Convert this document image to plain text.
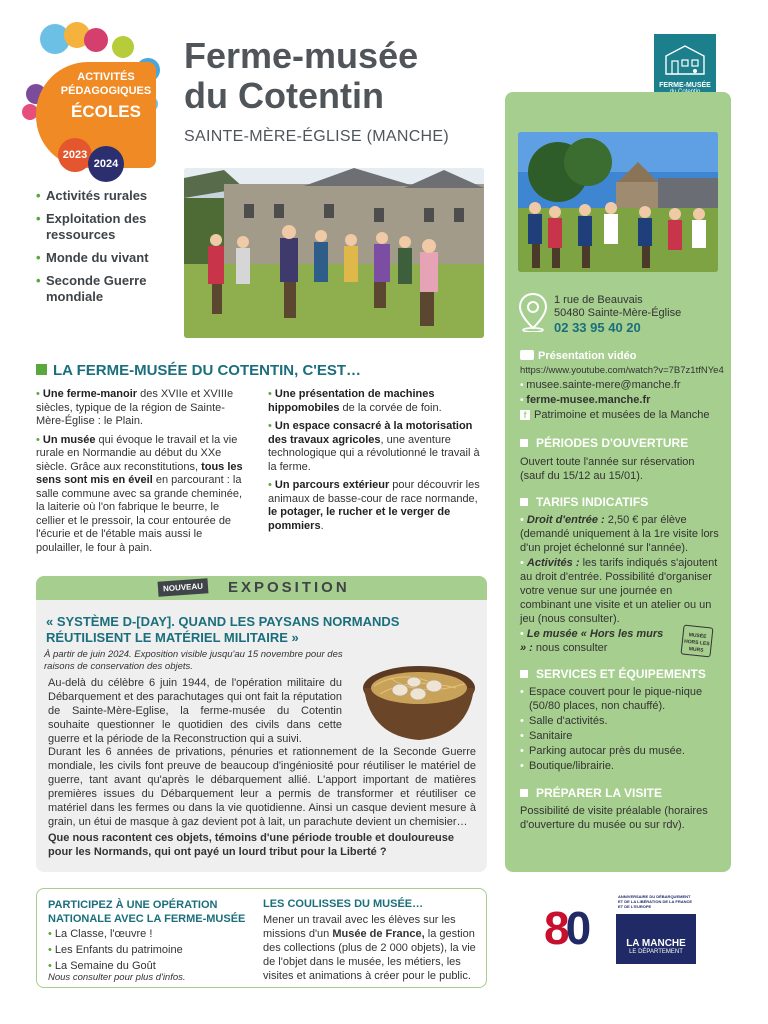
ACTIVITÉS
PÉDAGOGIQUES
ÉCOLES
2023
2024
Ferme-musée
du Cotentin
SAINTE-MÈRE-ÉGLISE (MANCHE)
FERME-MUSÉE
• Activités rurales
• Exploitation des ressources
• Monde du vivant
• Seconde Guerre mondiale	1 rue de Beauvais
50480 Sainte-Mère-Église
02 33 95 40 20
Présentation vidéo
https://www.youtube.com/watch?v=7B7z1tfNYe4
• musee.sainte-mere@manche.fr
• ferme-musee.manche.fr
f Patrimoine et musées de la Manche
PÉRIODES D'OUVERTURE
Ouvert toute l'année sur réservation (sauf du 15/12 au 15/01).
TARIFS INDICATIFS
• Droit d'entrée : 2,50 € par élève (demandé uniquement à la 1re visite lors d'un projet échelonné sur l'année).
• Activités : les tarifs indiqués s'ajoutent au droit d'entrée. Possibilité d'organiser votre venue sur une journée en combinant une visite et un atelier ou un jeu (nous consulter).
• Le musée « Hors les murs » : nous consulter
MUSÉE HORS LES MURS
SERVICES ET ÉQUIPEMENTS
• Espace couvert pour le pique-nique (50/80 places, non chauffé).
• Salle d'activités.
• Sanitaire
• Parking autocar près du musée.
• Boutique/librairie.
PRÉPARER LA VISITE
Possibilité de visite préalable (horaires d'ouverture du musée ou sur rdv).
LA FERME-MUSÉE DU COTENTIN, C'EST…
• Une ferme-manoir des XVIIe et XVIIIe siècles, typique de la région de Sainte-Mère-Église : le Plain.
• Un musée qui évoque le travail et la vie rurale en Normandie au début du XXe siècle. Grâce aux reconstitutions, tous les sens sont mis en éveil en parcourant : la salle commune avec sa grande cheminée, la laiterie où l'on fabrique le beurre, le cellier et le pressoir, la cour entourée de l'écurie et de l'étable mais aussi le poulailler, le four à pain.
• Une présentation de machines hippomobiles de la corvée de foin.
• Un espace consacré à la motorisation des travaux agricoles, une aventure technologique qui a révolutionné le travail à la ferme.
• Un parcours extérieur pour découvrir les animaux de basse-cour de race normande, le potager, le rucher et le verger de pommiers.
NOUVEAU	EXPOSITION
« SYSTÈME D-[DAY]. QUAND LES PAYSANS NORMANDS RÉUTILISENT LE MATÉRIEL MILITAIRE »
À partir de juin 2024. Exposition visible jusqu'au 15 novembre pour des raisons de conservation des objets.
Au-delà du célèbre 6 juin 1944, de l'opération militaire du Débarquement et des parachutages qui ont fait la réputation de Sainte-Mère-Eglise, la ferme-musée du Cotentin souhaite questionner le quotidien des civils dans cette guerre et la période de la Reconstruction qui a suivi.
Durant les 6 années de privations, pénuries et rationnement de la Seconde Guerre mondiale, les civils font preuve de beaucoup d'ingéniosité pour réutiliser le matériel de guerre, tant avant qu'après le débarquement allié. L'apport important de matières premières issues du Débarquement leur a permis de transformer et réutiliser ce matériel dans les fermes ou dans la vie quotidienne. Ainsi un casque devient mesure à grain, un étui de masque à gaz devient pot à lait, un parachute devient un chemisier…
Que nous racontent ces objets, témoins d'une période trouble et douloureuse pour les Normands, qui ont payé un lourd tribut pour la Liberté ?
PARTICIPEZ À UNE OPÉRATION NATIONALE AVEC LA FERME-MUSÉE
• La Classe, l'œuvre !
• Les Enfants du patrimoine
• La Semaine du Goût
Nous consulter pour plus d'infos.
LES COULISSES DU MUSÉE…
Mener un travail avec les élèves sur les missions d'un Musée de France, la gestion des collections (plus de 2 000 objets), la vie de l'objet dans le musée, les métiers, les visites et animations à créer pour le public.
80
ANNIVERSAIRE DU DÉBARQUEMENT ET DE LA LIBÉRATION DE LA FRANCE ET DE L'EUROPE
LA MANCHE
LE DÉPARTEMENT
